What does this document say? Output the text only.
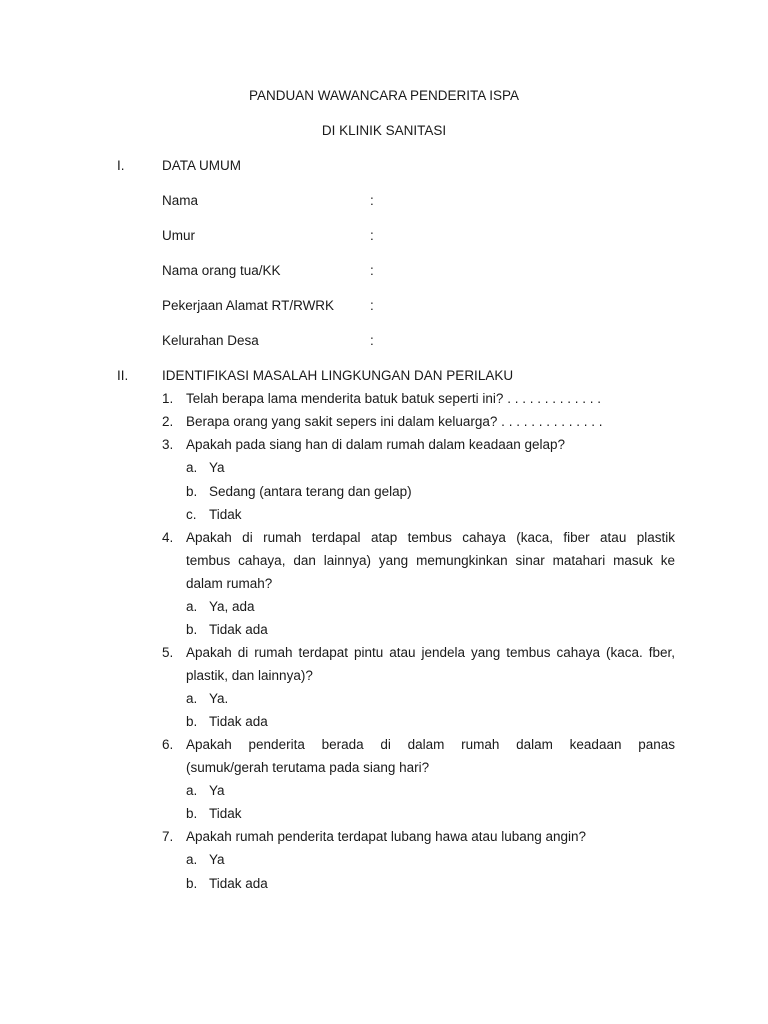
PANDUAN WAWANCARA PENDERITA ISPA
DI KLINIK SANITASI
I.	DATA UMUM
Nama	:
Umur	:
Nama orang tua/KK	:
Pekerjaan Alamat RT/RWRK	:
Kelurahan Desa	:
II. IDENTIFIKASI MASALAH LINGKUNGAN DAN PERILAKU
1. Telah berapa lama menderita batuk batuk seperti ini? . . . . . . . . . . . . .
2. Berapa orang yang sakit sepers ini dalam keluarga? . . . . . . . . . . . . . .
3. Apakah pada siang han di dalam rumah dalam keadaan gelap?
a. Ya
b. Sedang (antara terang dan gelap)
c. Tidak
4. Apakah di rumah terdapal atap tembus cahaya (kaca, fiber atau plastik
tembus cahaya, dan lainnya) yang memungkinkan sinar matahari masuk ke
dalam rumah?
a. Ya, ada
b. Tidak ada
5. Apakah di rumah terdapat pintu atau jendela yang tembus cahaya (kaca. fber,
plastik, dan lainnya)?
a. Ya.
b. Tidak ada
6. Apakah penderita berada di dalam rumah dalam keadaan panas
(sumuk/gerah terutama pada siang hari?
a. Ya
b. Tidak
7. Apakah rumah penderita terdapat lubang hawa atau lubang angin?
a. Ya
b. Tidak ada
